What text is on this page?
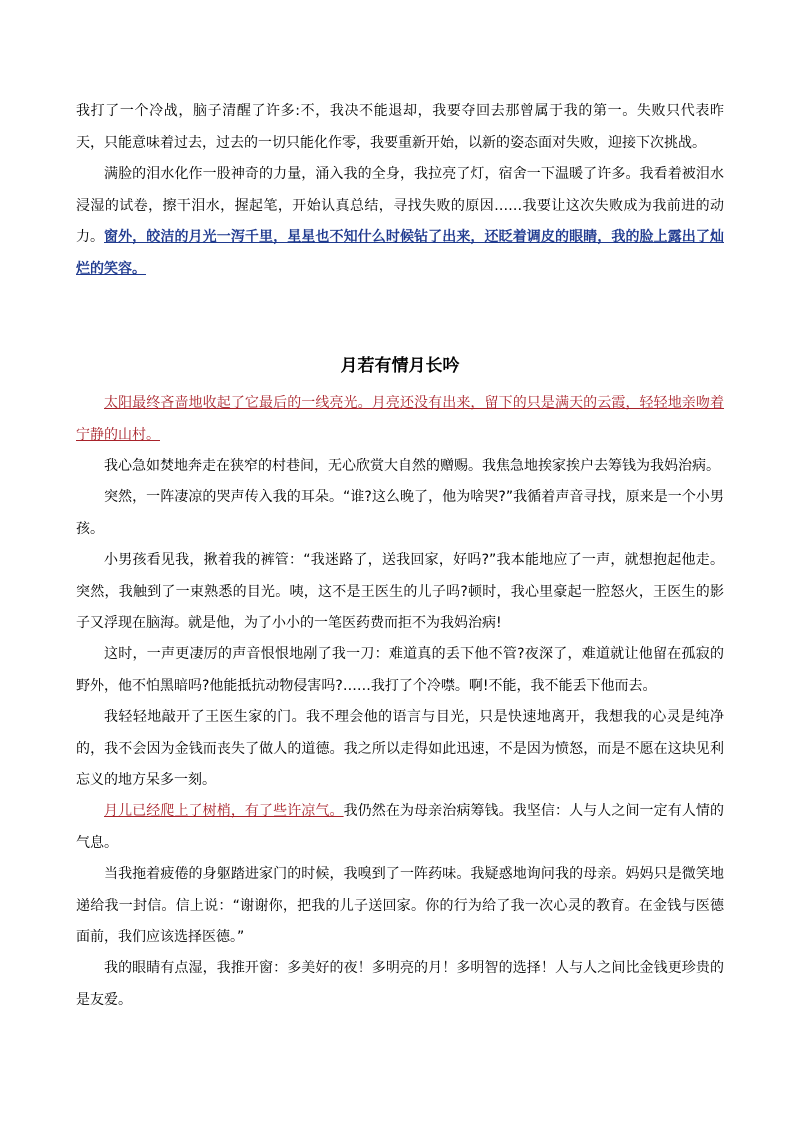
我打了一个冷战，脑子清醒了许多:不，我决不能退却，我要夺回去那曾属于我的第一。失败只代表昨天，只能意味着过去，过去的一切只能化作零，我要重新开始，以新的姿态面对失败，迎接下次挑战。

满脸的泪水化作一股神奇的力量，涌入我的全身，我拉亮了灯，宿舍一下温暖了许多。我看着被泪水浸湿的试卷，擦干泪水，握起笔，开始认真总结，寻找失败的原因……我要让这次失败成为我前进的动力。 窗外，皎洁的月光一泻千里，星星也不知什么时候钻了出来，还眨着调皮的眼睛，我的脸上露出了灿烂的笑容。

月若有情月长吟

太阳最终吝啬地收起了它最后的一线亮光。月亮还没有出来，留下的只是满天的云霞，轻轻地亲吻着宁静的山村。

我心急如焚地奔走在狭窄的村巷间，无心欣赏大自然的赠赐。我焦急地挨家挨户去筹钱为我妈治病。

突然，一阵凄凉的哭声传入我的耳朵。“谁?这么晚了，他为啥哭?”我循着声音寻找，原来是一个小男孩。

小男孩看见我，揪着我的裤管：“我迷路了，送我回家，好吗?”我本能地应了一声，就想抱起他走。突然，我触到了一束熟悉的目光。咦，这不是王医生的儿子吗?顿时，我心里豪起一腔怒火，王医生的影子又浮现在脑海。就是他，为了小小的一笔医药费而拒不为我妈治病!

这时，一声更凄厉的声音恨恨地剐了我一刀：难道真的丢下他不管?夜深了，难道就让他留在孤寂的野外，他不怕黑暗吗?他能抵抗动物侵害吗?……我打了个冷噤。啊!不能，我不能丢下他而去。

我轻轻地敲开了王医生家的门。我不理会他的语言与目光，只是快速地离开，我想我的心灵是纯净的，我不会因为金钱而丧失了做人的道德。我之所以走得如此迅速，不是因为愤怒，而是不愿在这块见利忘义的地方呆多一刻。

月儿已经爬上了树梢，有了些许凉气。我仍然在为母亲治病筹钱。我坚信：人与人之间一定有人情的气息。

当我拖着疲倦的身躯踏进家门的时候，我嗅到了一阵药味。我疑惑地询问我的母亲。妈妈只是微笑地递给我一封信。信上说：“谢谢你，把我的儿子送回家。你的行为给了我一次心灵的教育。在金钱与医德面前，我们应该选择医德。”

我的眼睛有点湿，我推开窗：多美好的夜！多明亮的月！多明智的选择！人与人之间比金钱更珍贵的是友爱。
